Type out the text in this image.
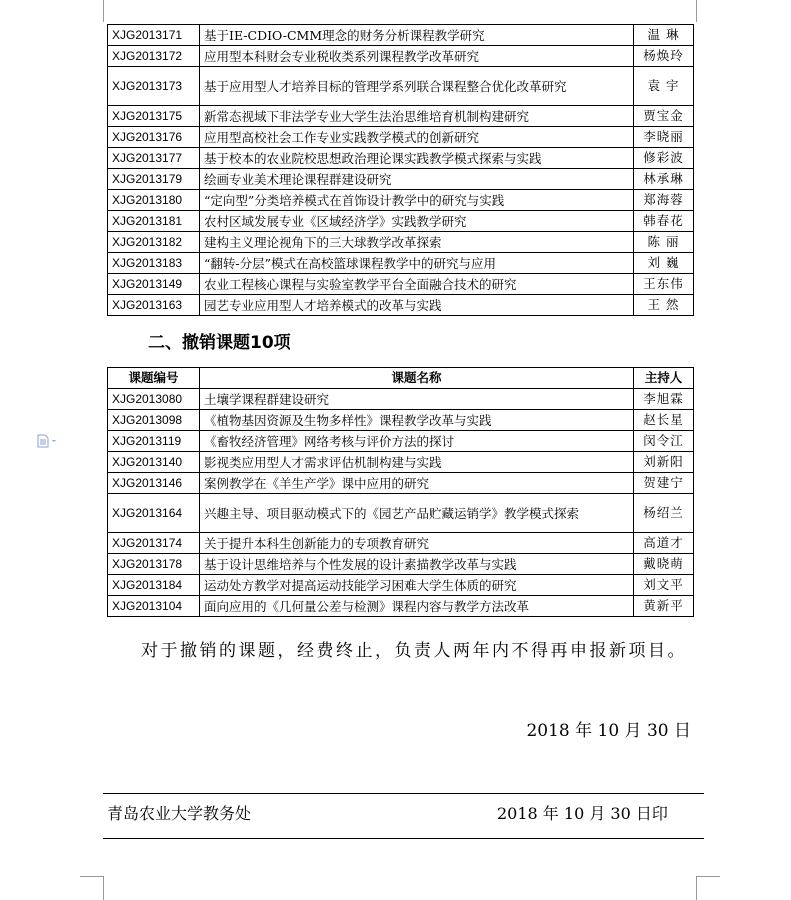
XJG2013171	基于IE-CDIO-CMM理念的财务分析课程教学研究	温 琳
XJG2013172	应用型本科财会专业税收类系列课程教学改革研究	杨焕玲
XJG2013173	基于应用型人才培养目标的管理学系列联合课程整合优化改革研究	袁 宇
XJG2013175	新常态视域下非法学专业大学生法治思维培育机制构建研究	贾宝金
XJG2013176	应用型高校社会工作专业实践教学模式的创新研究	李晓丽
XJG2013177	基于校本的农业院校思想政治理论课实践教学模式探索与实践	修彩波
XJG2013179	绘画专业美术理论课程群建设研究	林承琳
XJG2013180	“定向型”分类培养模式在首饰设计教学中的研究与实践	郑海蓉
XJG2013181	农村区域发展专业《区域经济学》实践教学研究	韩春花
XJG2013182	建构主义理论视角下的三大球教学改革探索	陈 丽
XJG2013183	“翻转-分层”模式在高校篮球课程教学中的研究与应用	刘 巍
XJG2013149	农业工程核心课程与实验室教学平台全面融合技术的研究	王东伟
XJG2013163	园艺专业应用型人才培养模式的改革与实践	王 然
二、撤销课题10项
课题编号	课题名称	主持人
XJG2013080	土壤学课程群建设研究	李旭霖
XJG2013098	《植物基因资源及生物多样性》课程教学改革与实践	赵长星
XJG2013119	《畜牧经济管理》网络考核与评价方法的探讨	闵令江
XJG2013140	影视类应用型人才需求评估机制构建与实践	刘新阳
XJG2013146	案例教学在《羊生产学》课中应用的研究	贺建宁
XJG2013164	兴趣主导、项目驱动模式下的《园艺产品贮藏运销学》教学模式探索	杨绍兰
XJG2013174	关于提升本科生创新能力的专项教育研究	高道才
XJG2013178	基于设计思维培养与个性发展的设计素描教学改革与实践	戴晓萌
XJG2013184	运动处方教学对提高运动技能学习困难大学生体质的研究	刘文平
XJG2013104	面向应用的《几何量公差与检测》课程内容与教学方法改革	黄新平
对于撤销的课题，经费终止，负责人两年内不得再申报新项目。
2018 年 10 月 30 日
青岛农业大学教务处	2018 年 10 月 30 日印
